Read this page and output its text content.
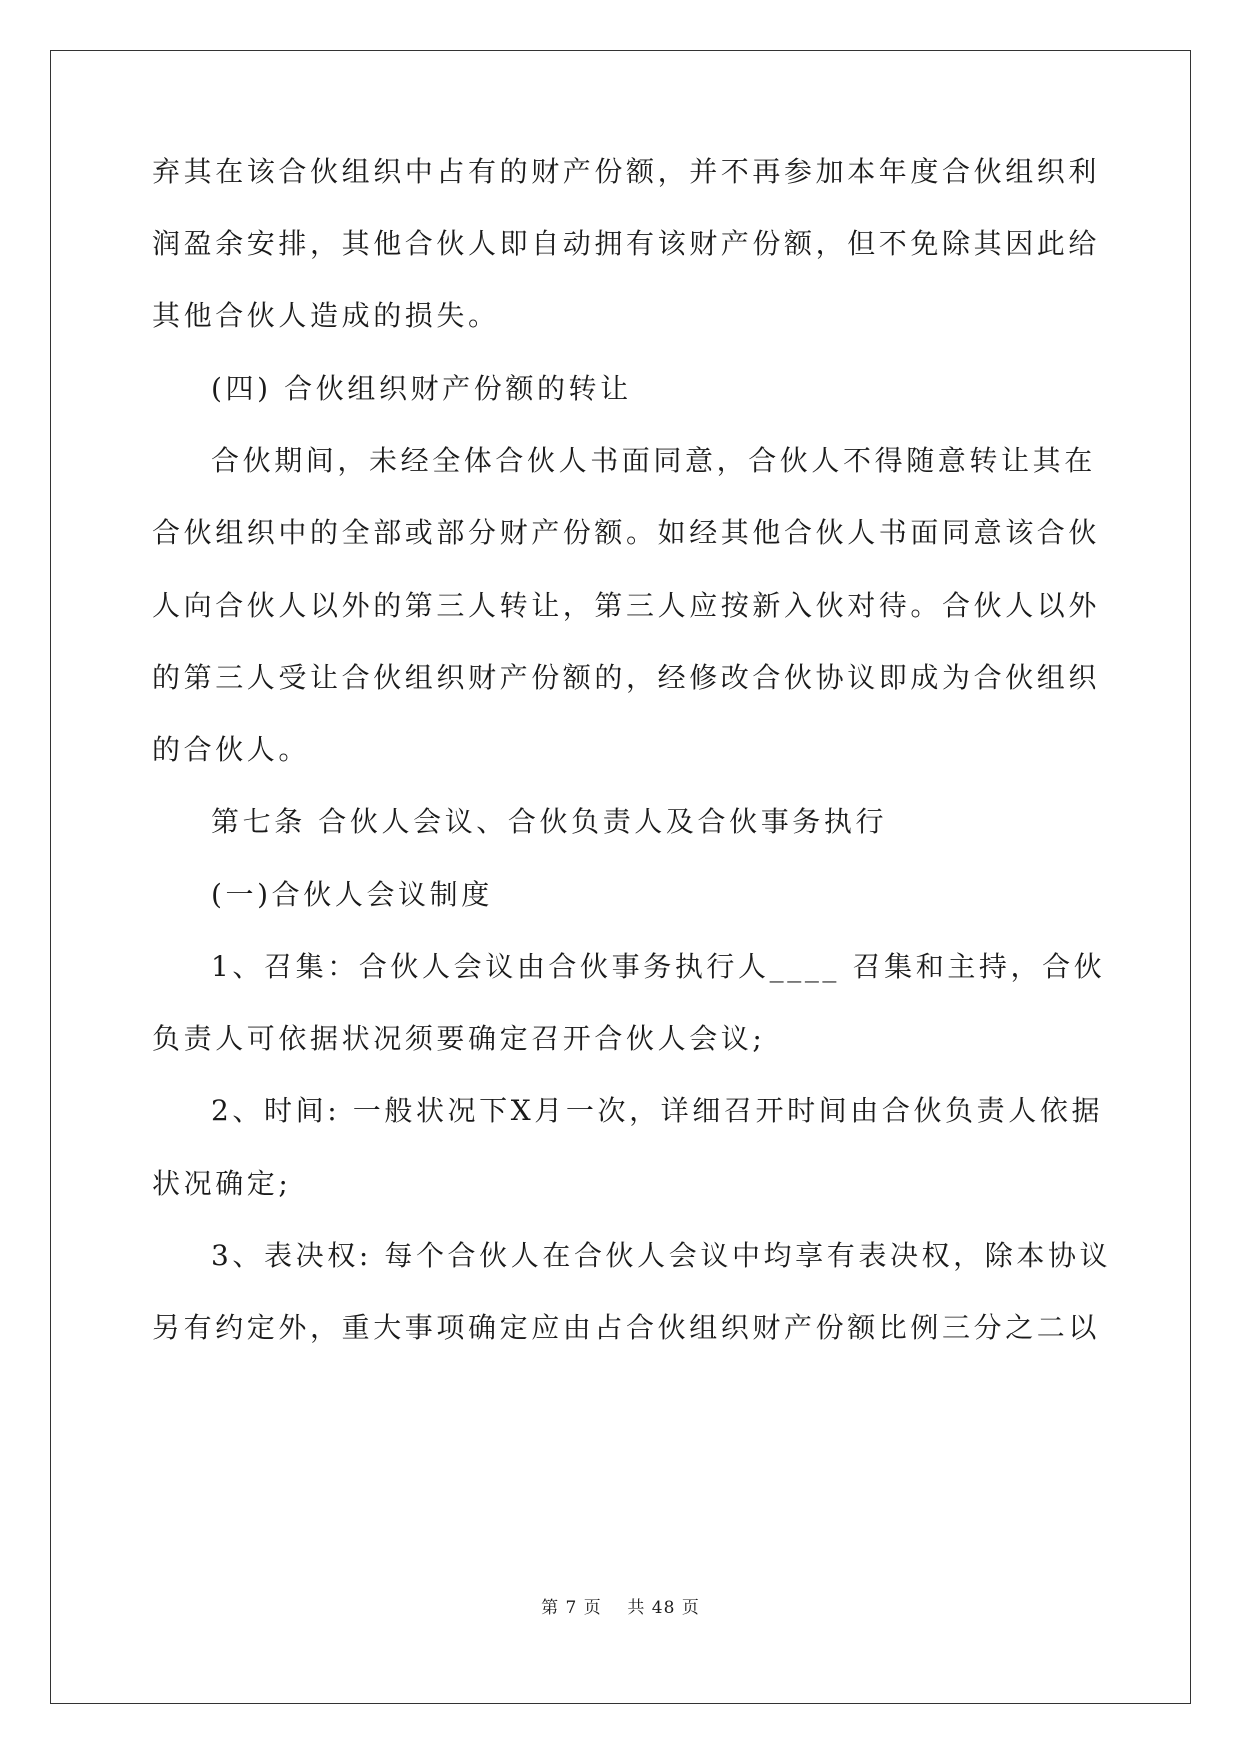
弃其在该合伙组织中占有的财产份额，并不再参加本年度合伙组织利
润盈余安排，其他合伙人即自动拥有该财产份额，但不免除其因此给
其他合伙人造成的损失。
(四) 合伙组织财产份额的转让
合伙期间，未经全体合伙人书面同意，合伙人不得随意转让其在
合伙组织中的全部或部分财产份额。如经其他合伙人书面同意该合伙
人向合伙人以外的第三人转让，第三人应按新入伙对待。合伙人以外
的第三人受让合伙组织财产份额的，经修改合伙协议即成为合伙组织
的合伙人。
第七条 合伙人会议、合伙负责人及合伙事务执行
(一)合伙人会议制度
1、召集：合伙人会议由合伙事务执行人____ 召集和主持，合伙
负责人可依据状况须要确定召开合伙人会议;
2、时间: 一般状况下X月一次，详细召开时间由合伙负责人依据
状况确定;
3、表决权: 每个合伙人在合伙人会议中均享有表决权，除本协议
另有约定外，重大事项确定应由占合伙组织财产份额比例三分之二以
第 7 页    共 48 页
